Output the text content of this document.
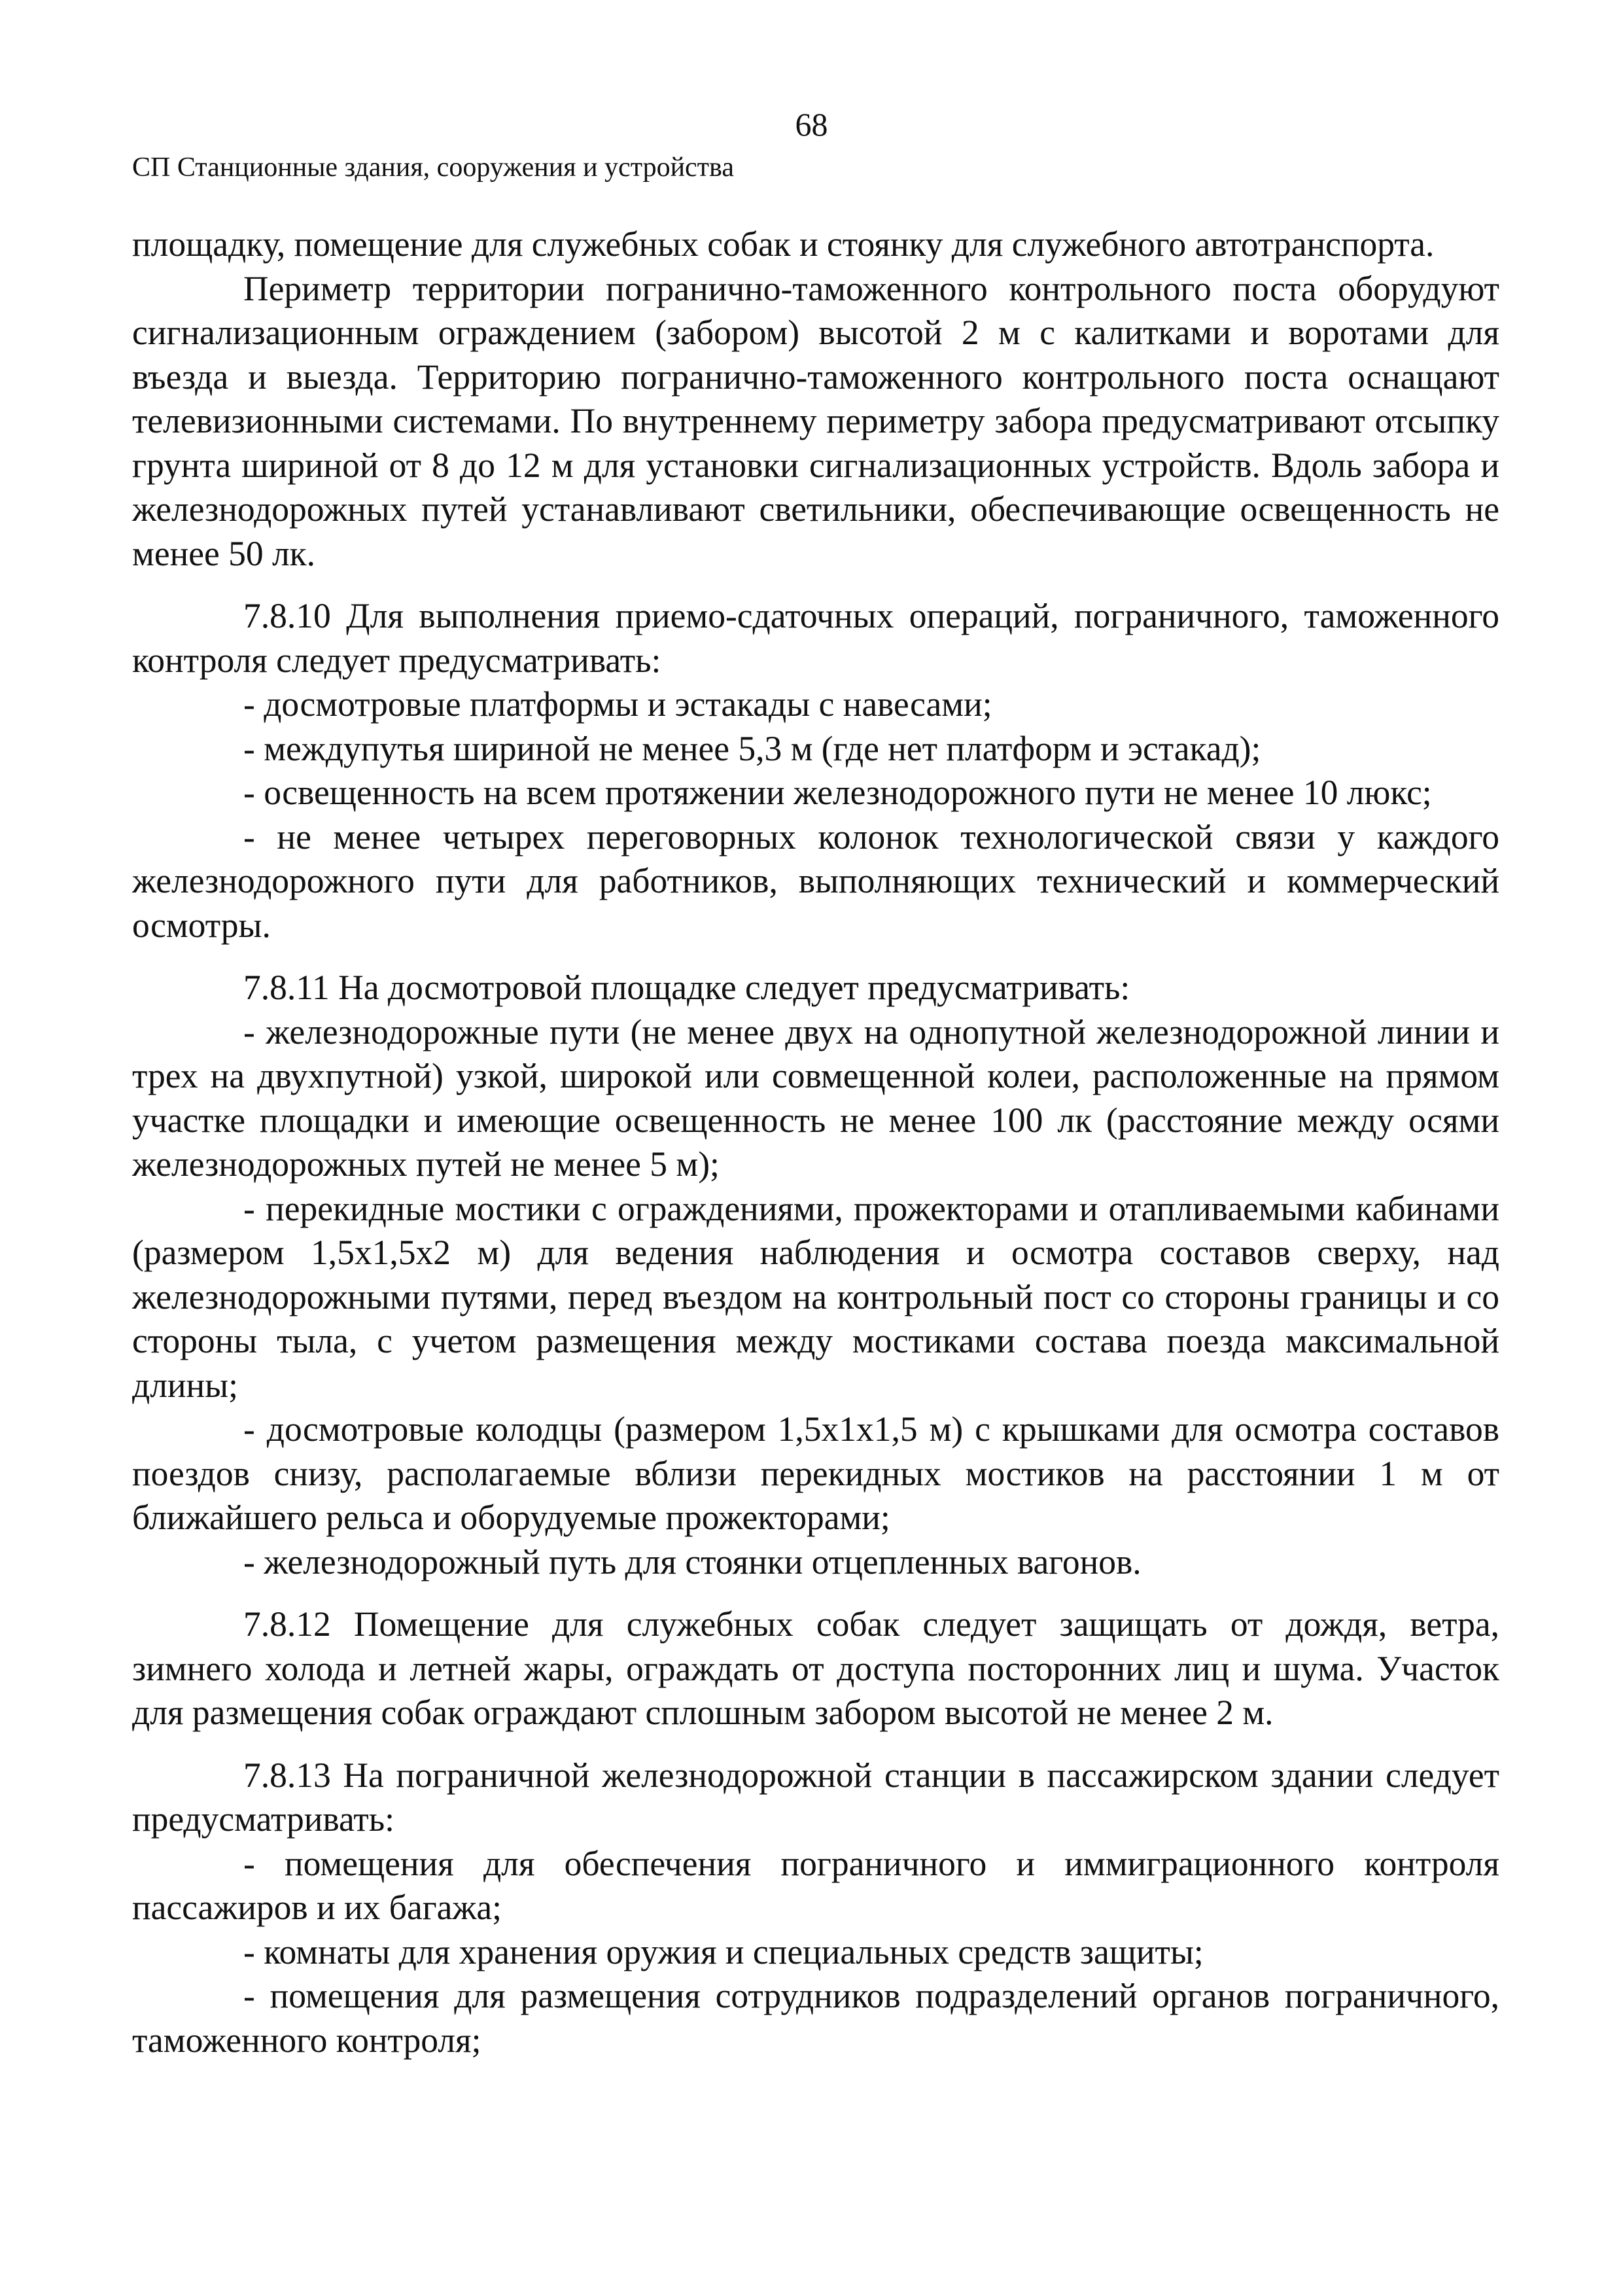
68
СП Станционные здания, сооружения и устройства

площадку, помещение для служебных собак и стоянку для служебного автотранспорта.

Периметр территории погранично-таможенного контрольного поста оборудуют сигнализационным ограждением (забором) высотой 2 м с калитками и воротами для въезда и выезда. Территорию погранично-таможенного контрольного поста оснащают телевизионными системами. По внутреннему периметру забора предусматривают отсыпку грунта шириной от 8 до 12 м для установки сигнализационных устройств. Вдоль забора и железнодорожных путей устанавливают светильники, обеспечивающие освещенность не менее 50 лк.

7.8.10 Для выполнения приемо-сдаточных операций, пограничного, таможенного контроля следует предусматривать:

- досмотровые платформы и эстакады с навесами;

- междупутья шириной не менее 5,3 м (где нет платформ и эстакад);

- освещенность на всем протяжении железнодорожного пути не менее 10 люкс;

- не менее четырех переговорных колонок технологической связи у каждого железнодорожного пути для работников, выполняющих технический и коммерческий осмотры.

7.8.11 На досмотровой площадке следует предусматривать:

- железнодорожные пути (не менее двух на однопутной железнодорожной линии и трех на двухпутной) узкой, широкой или совмещенной колеи, расположенные на прямом участке площадки и имеющие освещенность не менее 100 лк (расстояние между осями железнодорожных путей не менее 5 м);

- перекидные мостики с ограждениями, прожекторами и отапливаемыми кабинами (размером 1,5х1,5х2 м) для ведения наблюдения и осмотра составов сверху, над железнодорожными путями, перед въездом на контрольный пост со стороны границы и со стороны тыла, с учетом размещения между мостиками состава поезда максимальной длины;

- досмотровые колодцы (размером 1,5х1х1,5 м) с крышками для осмотра составов поездов снизу, располагаемые вблизи перекидных мостиков на расстоянии 1 м от ближайшего рельса и оборудуемые прожекторами;

- железнодорожный путь для стоянки отцепленных вагонов.

7.8.12 Помещение для служебных собак следует защищать от дождя, ветра, зимнего холода и летней жары, ограждать от доступа посторонних лиц и шума. Участок для размещения собак ограждают сплошным забором высотой не менее 2 м.

7.8.13 На пограничной железнодорожной станции в пассажирском здании следует предусматривать:

- помещения для обеспечения пограничного и иммиграционного контроля пассажиров и их багажа;

- комнаты для хранения оружия и специальных средств защиты;

- помещения для размещения сотрудников подразделений органов пограничного, таможенного контроля;
